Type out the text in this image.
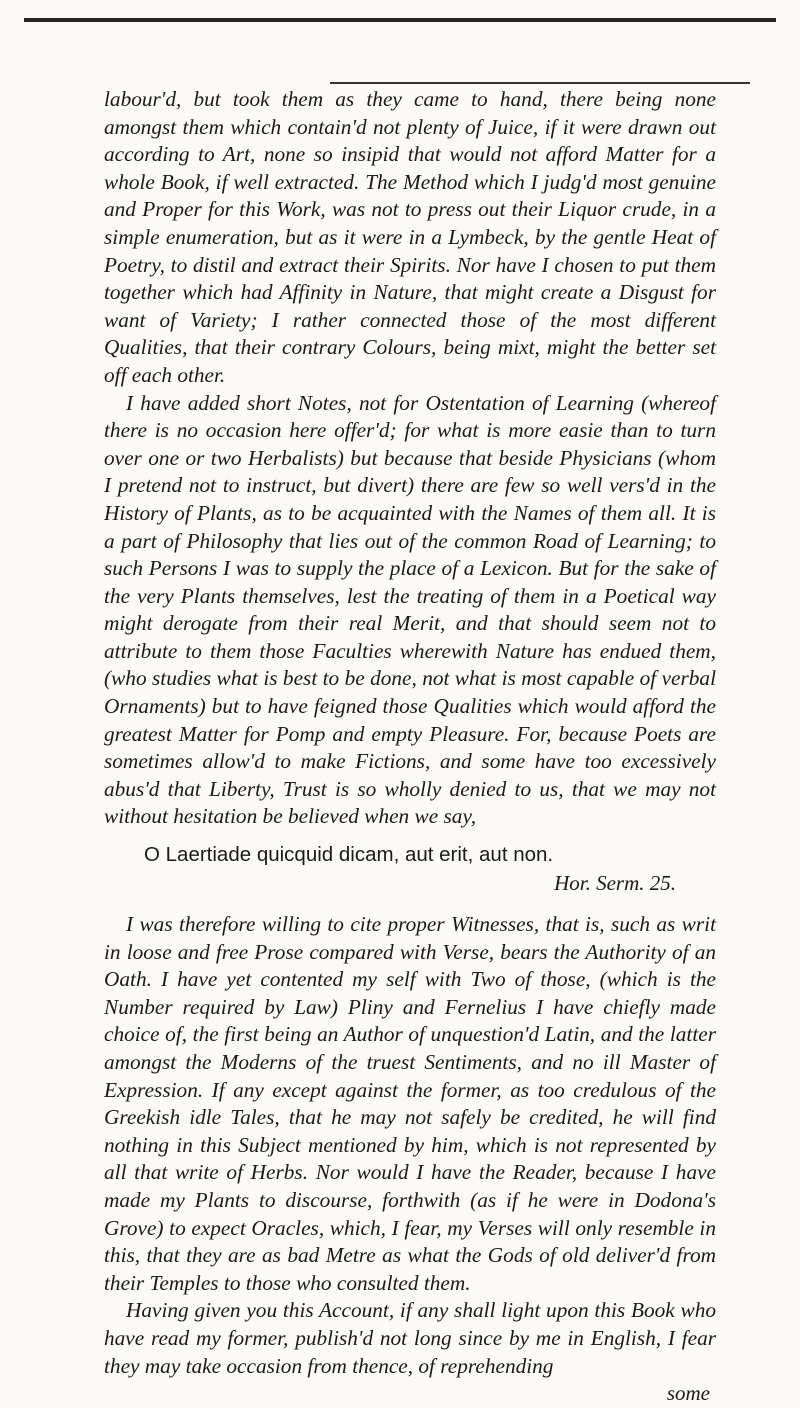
labour'd, but took them as they came to hand, there being none amongst them which contain'd not plenty of Juice, if it were drawn out according to Art, none so insipid that would not afford Matter for a whole Book, if well extracted. The Method which I judg'd most genuine and Proper for this Work, was not to press out their Liquor crude, in a simple enumeration, but as it were in a Lymbeck, by the gentle Heat of Poetry, to distil and extract their Spirits. Nor have I chosen to put them together which had Affinity in Nature, that might create a Disgust for want of Variety; I rather connected those of the most different Qualities, that their contrary Colours, being mixt, might the better set off each other.

I have added short Notes, not for Ostentation of Learning (whereof there is no occasion here offer'd; for what is more easie than to turn over one or two Herbalists) but because that beside Physicians (whom I pretend not to instruct, but divert) there are few so well vers'd in the History of Plants, as to be acquainted with the Names of them all. It is a part of Philosophy that lies out of the common Road of Learning; to such Persons I was to supply the place of a Lexicon. But for the sake of the very Plants themselves, lest the treating of them in a Poetical way might derogate from their real Merit, and that should seem not to attribute to them those Faculties wherewith Nature has endued them, (who studies what is best to be done, not what is most capable of verbal Ornaments) but to have feigned those Qualities which would afford the greatest Matter for Pomp and empty Pleasure. For, because Poets are sometimes allow'd to make Fictions, and some have too excessively abus'd that Liberty, Trust is so wholly denied to us, that we may not without hesitation be believed when we say,

O Laertiade quicquid dicam, aut erit, aut non.

Hor. Serm. 25.

I was therefore willing to cite proper Witnesses, that is, such as writ in loose and free Prose compared with Verse, bears the Authority of an Oath. I have yet contented my self with Two of those, (which is the Number required by Law) Pliny and Fernelius I have chiefly made choice of, the first being an Author of unquestion'd Latin, and the latter amongst the Moderns of the truest Sentiments, and no ill Master of Expression. If any except against the former, as too credulous of the Greekish idle Tales, that he may not safely be credited, he will find nothing in this Subject mentioned by him, which is not represented by all that write of Herbs. Nor would I have the Reader, because I have made my Plants to discourse, forthwith (as if he were in Dodona's Grove) to expect Oracles, which, I fear, my Verses will only resemble in this, that they are as bad Metre as what the Gods of old deliver'd from their Temples to those who consulted them.

Having given you this Account, if any shall light upon this Book who have read my former, publish'd not long since by me in English, I fear they may take occasion from thence, of reprehending

some
